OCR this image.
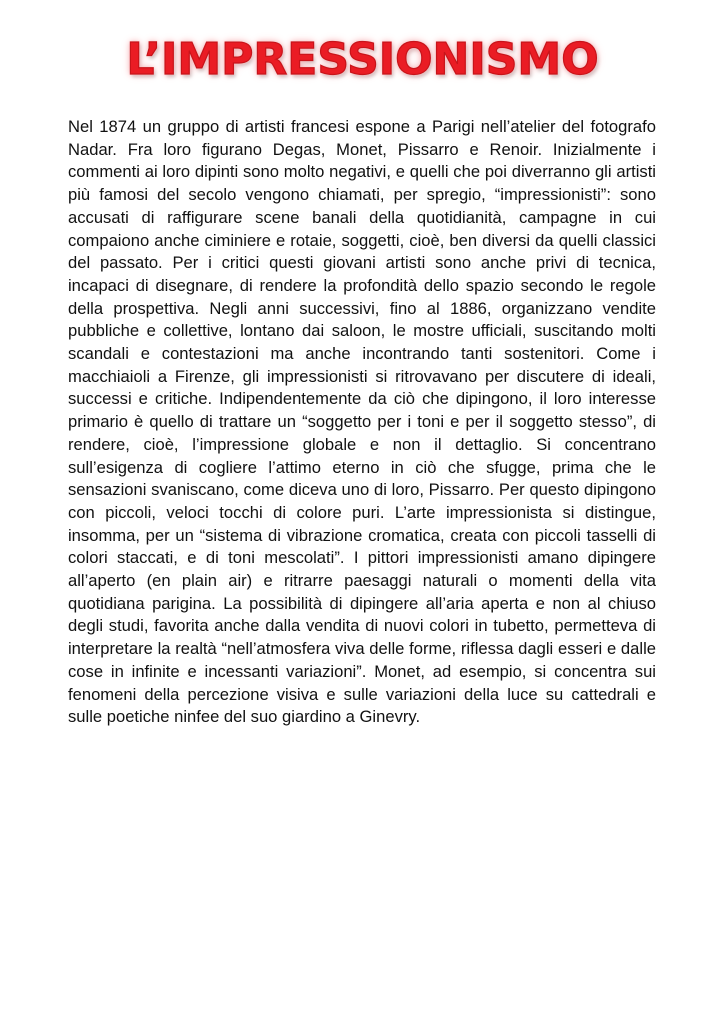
L’IMPRESSIONISMO

Nel 1874 un gruppo di artisti francesi espone a Parigi nell’atelier del fotografo Nadar. Fra loro figurano Degas, Monet, Pissarro e Renoir. Inizialmente i commenti ai loro dipinti sono molto negativi, e quelli che poi diverranno gli artisti più famosi del secolo vengono chiamati, per spregio, “impressionisti”: sono accusati di raffigurare scene banali della quotidianità, campagne in cui compaiono anche ciminiere e rotaie, soggetti, cioè, ben diversi da quelli classici del passato. Per i critici questi giovani artisti sono anche privi di tecnica, incapaci di disegnare, di rendere la profondità dello spazio secondo le regole della prospettiva. Negli anni successivi, fino al 1886, organizzano vendite pubbliche e collettive, lontano dai saloon, le mostre ufficiali, suscitando molti scandali e contestazioni ma anche incontrando tanti sostenitori. Come i macchiaioli a Firenze, gli impressionisti si ritrovavano per discutere di ideali, successi e critiche. Indipendentemente da ciò che dipingono, il loro interesse primario è quello di trattare un “soggetto per i toni e per il soggetto stesso”, di rendere, cioè, l’impressione globale e non il dettaglio. Si concentrano sull’esigenza di cogliere l’attimo eterno in ciò che sfugge, prima che le sensazioni svaniscano, come diceva uno di loro, Pissarro. Per questo dipingono con piccoli, veloci tocchi di colore puri. L’arte impressionista si distingue, insomma, per un “sistema di vibrazione cromatica, creata con piccoli tasselli di colori staccati, e di toni mescolati”. I pittori impressionisti amano dipingere all’aperto (en plain air) e ritrarre paesaggi naturali o momenti della vita quotidiana parigina. La possibilità di dipingere all’aria aperta e non al chiuso degli studi, favorita anche dalla vendita di nuovi colori in tubetto, permetteva di interpretare la realtà “nell’atmosfera viva delle forme, riflessa dagli esseri e dalle cose in infinite e incessanti variazioni”. Monet, ad esempio, si concentra sui fenomeni della percezione visiva e sulle variazioni della luce su cattedrali e sulle poetiche ninfee del suo giardino a Ginevry.
